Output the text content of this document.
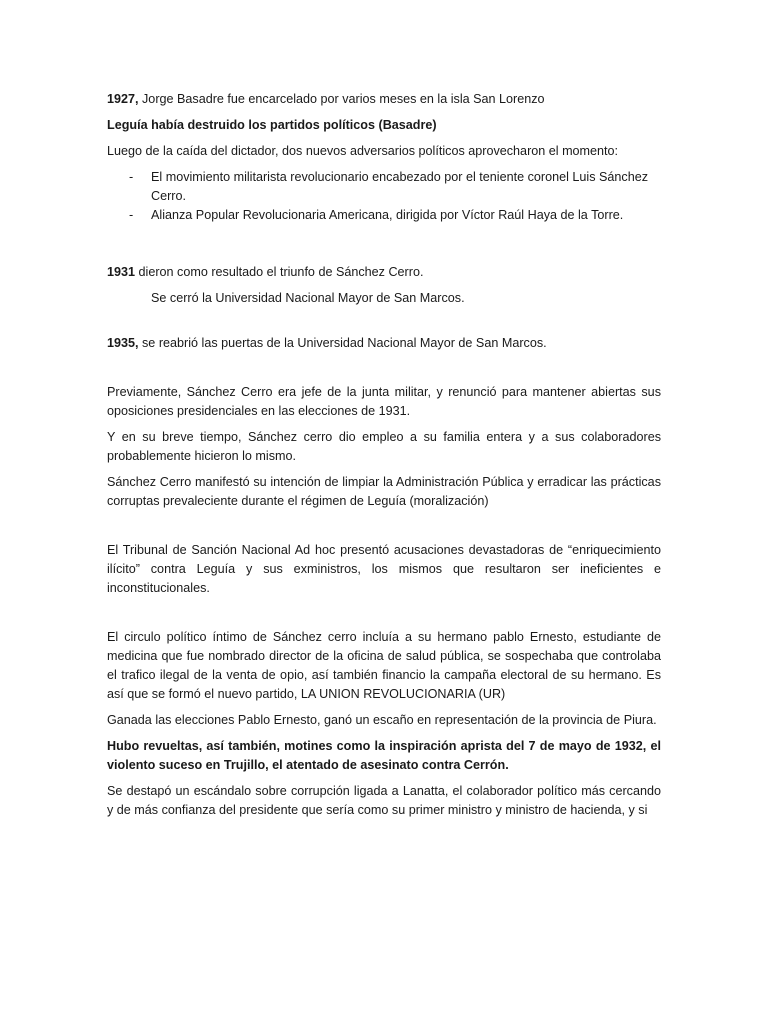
1927, Jorge Basadre fue encarcelado por varios meses en la isla San Lorenzo

Leguía había destruido los partidos políticos (Basadre)

Luego de la caída del dictador, dos nuevos adversarios políticos aprovecharon el momento:

- El movimiento militarista revolucionario encabezado por el teniente coronel Luis Sánchez Cerro.
- Alianza Popular Revolucionaria Americana, dirigida por Víctor Raúl Haya de la Torre.

1931 dieron como resultado el triunfo de Sánchez Cerro.

Se cerró la Universidad Nacional Mayor de San Marcos.

1935, se reabrió las puertas de la Universidad Nacional Mayor de San Marcos.

Previamente, Sánchez Cerro era jefe de la junta militar, y renunció para mantener abiertas sus oposiciones presidenciales en las elecciones de 1931.

Y en su breve tiempo, Sánchez cerro dio empleo a su familia entera y a sus colaboradores probablemente hicieron lo mismo.

Sánchez Cerro manifestó su intención de limpiar la Administración Pública y erradicar las prácticas corruptas prevaleciente durante el régimen de Leguía (moralización)

El Tribunal de Sanción Nacional Ad hoc presentó acusaciones devastadoras de “enriquecimiento ilícito” contra Leguía y sus exministros, los mismos que resultaron ser ineficientes e inconstitucionales.

El circulo político íntimo de Sánchez cerro incluía a su hermano pablo Ernesto, estudiante de medicina que fue nombrado director de la oficina de salud pública, se sospechaba que controlaba el trafico ilegal de la venta de opio, así también financio la campaña electoral de su hermano. Es así que se formó el nuevo partido, LA UNION REVOLUCIONARIA (UR)

Ganada las elecciones Pablo Ernesto, ganó un escaño en representación de la provincia de Piura.

Hubo revueltas, así también, motines como la inspiración aprista del 7 de mayo de 1932, el violento suceso en Trujillo, el atentado de asesinato contra Cerrón.

Se destapó un escándalo sobre corrupción ligada a Lanatta, el colaborador político más cercando y de más confianza del presidente que sería como su primer ministro y ministro de hacienda, y si
